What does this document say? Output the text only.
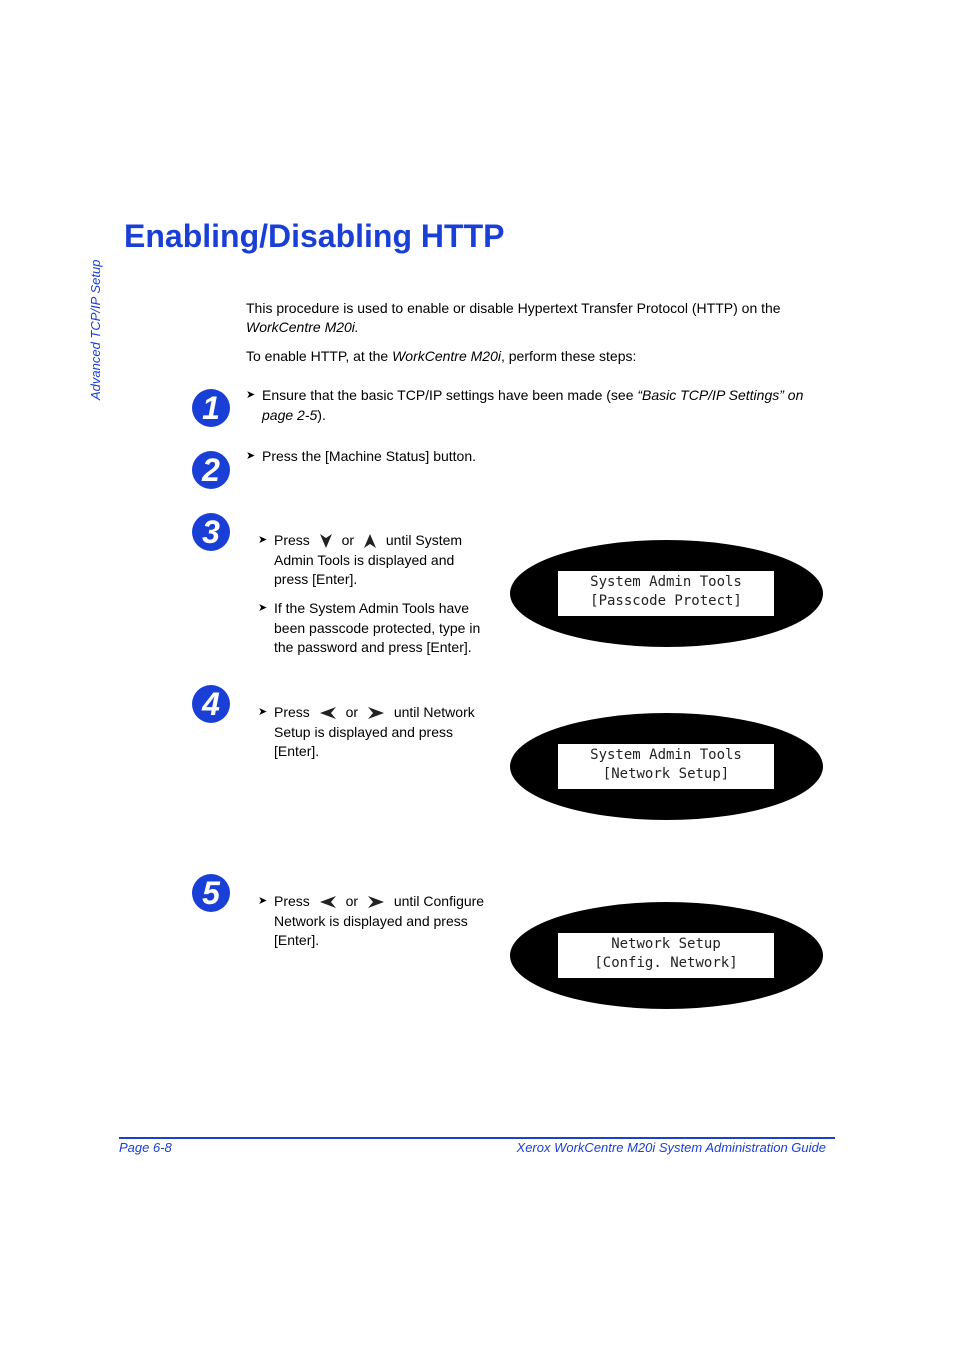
Advanced TCP/IP Setup
Enabling/Disabling HTTP

This procedure is used to enable or disable Hypertext Transfer Protocol (HTTP) on the
WorkCentre M20i.

To enable HTTP, at the WorkCentre M20i, perform these steps:

1
2
3
4
5
➤ Ensure that the basic TCP/IP settings have been made (see “Basic TCP/IP Settings” on
page 2-5).
➤ Press the [Machine Status] button.
➤ Press or until System
Admin Tools is displayed and
press [Enter].
➤ If the System Admin Tools have
been passcode protected, type in
the password and press [Enter].
System Admin Tools
[Passcode Protect]
➤ Press	or	until Network
Setup is displayed and press
[Enter].	System Admin Tools
[Network Setup]
➤ Press	or	until Configure
Network is displayed and press
[Enter].	Network Setup
[Config. Network]
Page 6-8	Xerox WorkCentre M20i System Administration Guide
